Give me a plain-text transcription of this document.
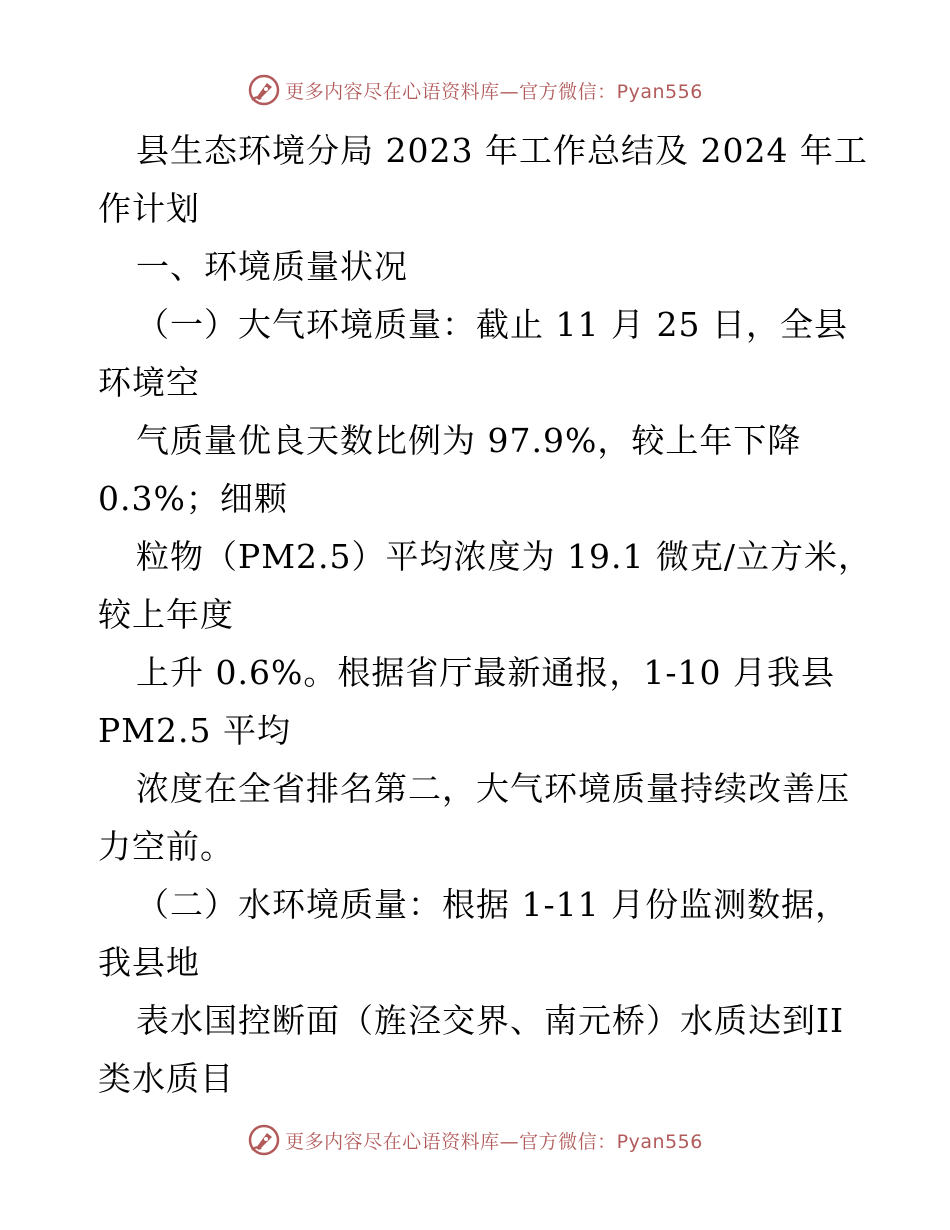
更多内容尽在心语资料库—官方微信：Pyan556
县生态环境分局 2023 年工作总结及 2024 年工
作计划
一、环境质量状况
（一）大气环境质量：截止 11 月 25 日，全县
环境空
气质量优良天数比例为 97.9%，较上年下降
0.3%；细颗
粒物（PM2.5）平均浓度为 19.1 微克/立方米，
较上年度
上升 0.6%。根据省厅最新通报，1-10 月我县
PM2.5 平均
浓度在全省排名第二，大气环境质量持续改善压
力空前。
（二）水环境质量：根据 1-11 月份监测数据，
我县地
表水国控断面（旌泾交界、南元桥）水质达到II
类水质目
更多内容尽在心语资料库—官方微信：Pyan556
